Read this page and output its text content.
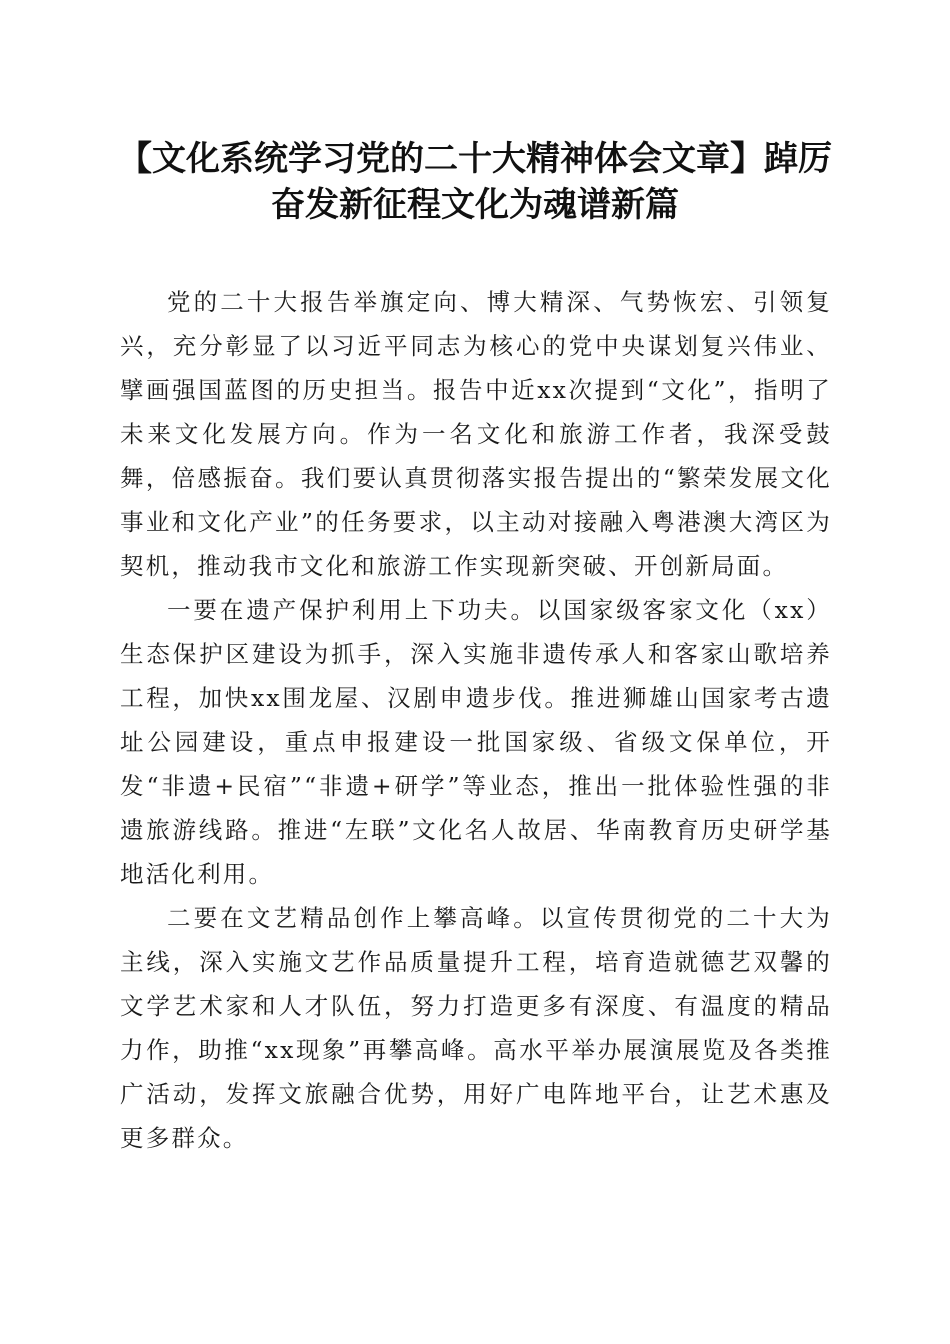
【文化系统学习党的二十大精神体会文章】踔厉奋发新征程文化为魂谱新篇

党的二十大报告举旗定向、博大精深、气势恢宏、引领复兴，充分彰显了以习近平同志为核心的党中央谋划复兴伟业、擘画强国蓝图的历史担当。报告中近xx次提到“文化”，指明了未来文化发展方向。作为一名文化和旅游工作者，我深受鼓舞，倍感振奋。我们要认真贯彻落实报告提出的“繁荣发展文化事业和文化产业”的任务要求，以主动对接融入粤港澳大湾区为契机，推动我市文化和旅游工作实现新突破、开创新局面。

一要在遗产保护利用上下功夫。以国家级客家文化（xx）生态保护区建设为抓手，深入实施非遗传承人和客家山歌培养工程，加快xx围龙屋、汉剧申遗步伐。推进狮雄山国家考古遗址公园建设，重点申报建设一批国家级、省级文保单位，开发“非遗+民宿”“非遗+研学”等业态，推出一批体验性强的非遗旅游线路。推进“左联”文化名人故居、华南教育历史研学基地活化利用。

二要在文艺精品创作上攀高峰。以宣传贯彻党的二十大为主线，深入实施文艺作品质量提升工程，培育造就德艺双馨的文学艺术家和人才队伍，努力打造更多有深度、有温度的精品力作，助推“xx现象”再攀高峰。高水平举办展演展览及各类推广活动，发挥文旅融合优势，用好广电阵地平台，让艺术惠及更多群众。
